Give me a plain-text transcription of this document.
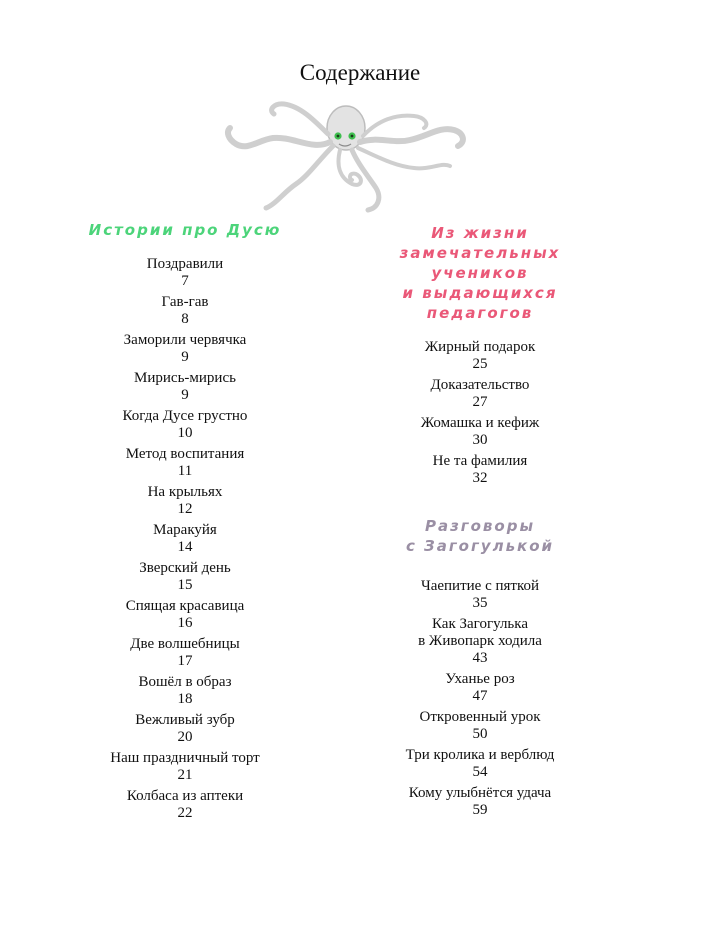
Содержание
Истории про Дусю
Поздравили
7
Гав-гав
8
Заморили червячка
9
Мирись-мирись
9
Когда Дусе грустно
10
Метод воспитания
11
На крыльях
12
Маракуйя
14
Зверский день
15
Спящая красавица
16
Две волшебницы
17
Вошёл в образ
18
Вежливый зубр
20
Наш праздничный торт
21
Колбаса из аптеки
22
Из жизни
замечательных
учеников
и выдающихся
педагогов
Жирный подарок
25
Доказательство
27
Жомашка и кефиж
30
Не та фамилия
32
Разговоры
с Загогулькой
Чаепитие с пяткой
35
Как Загогулька
в Живопарк ходила
43
Уханье роз
47
Откровенный урок
50
Три кролика и верблюд
54
Кому улыбнётся удача
59
